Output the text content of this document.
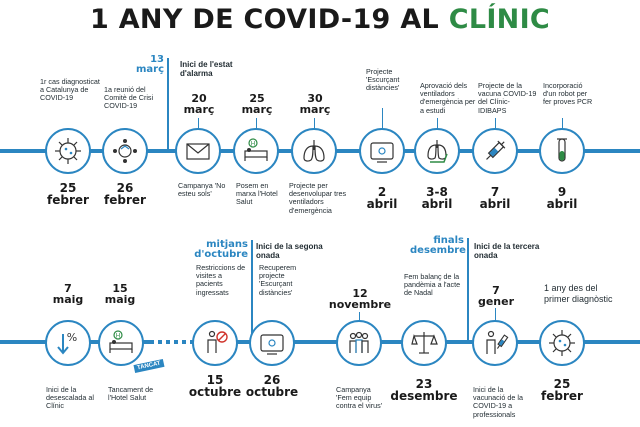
1 ANY DE COVID-19 AL CLÍNIC
13
març Inici de l'estat d'alarma
1r cas diagnosticat a Catalunya de COVID-19
25
febrer
1a reunió del Comitè de Crisi COVID-19
26
febrer
20
març
Campanya 'No esteu sols'
25
març
H
Posem en marxa l'Hotel Salut
30
març
Projecte per desenvolupar tres ventiladors d'emergència
Projecte 'Escurçant distàncies'
2
abril
Aprovació dels ventiladors d'emergència per a estudi
3-8
abril
Projecte de la vacuna COVID-19 del Clínic-IDIBAPS
7
abril
Incorporació d'un robot per fer proves PCR
9
abril
mitjans
d'octubre
Inici de la segona onada
finals
desembre Inici de la tercera onada
7
maig
%
Inici de la desescalada al Clínic
15
maig
H
TANCAT
Tancament de l'Hotel Salut
Restriccions de visites a pacients ingressats
15
octubre
Recuperem projecte 'Escurçant distàncies'
26
octubre
12
novembre
Campanya 'Fem equip contra el virus'
Fem balanç de la pandèmia a l'acte de Nadal
23
desembre
7
gener
Inici de la vacunació de la COVID-19 a professionals
1 any des del primer diagnòstic
25
febrer
